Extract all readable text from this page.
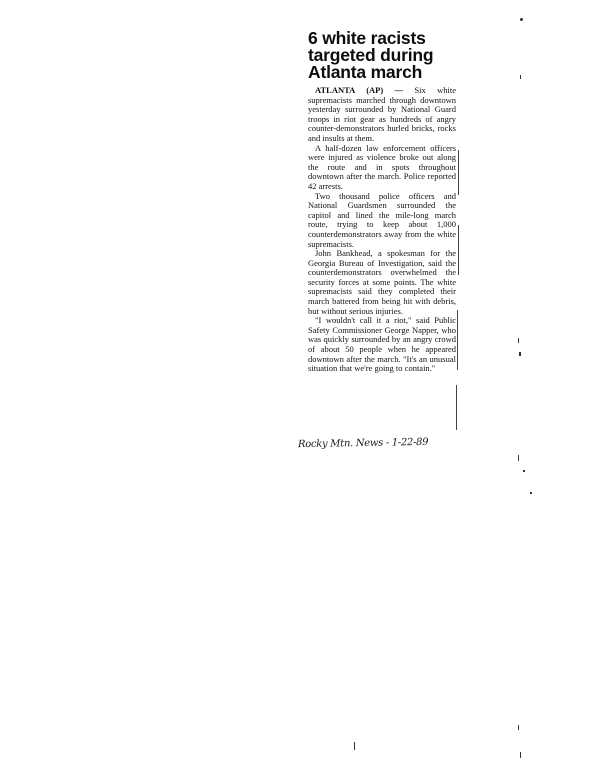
6 white racists
targeted during
Atlanta march

ATLANTA (AP) — Six white supremacists marched through downtown yesterday surrounded by National Guard troops in riot gear as hundreds of angry counter-demonstrators hurled bricks, rocks and insults at them.

A half-dozen law enforcement officers were injured as violence broke out along the route and in spots throughout downtown after the march. Police reported 42 arrests.

Two thousand police officers and National Guardsmen surrounded the capitol and lined the mile-long march route, trying to keep about 1,000 counterdemonstrators away from the white supremacists.

John Bankhead, a spokesman for the Georgia Bureau of Investigation, said the counterdemonstrators overwhelmed the security forces at some points. The white supremacists said they completed their march battered from being hit with debris, but without serious injuries.

"I wouldn't call it a riot," said Public Safety Commissioner George Napper, who was quickly surrounded by an angry crowd of about 50 people when he appeared downtown after the march. "It's an unusual situation that we're going to contain."

Rocky Mtn. News - 1-22-89
